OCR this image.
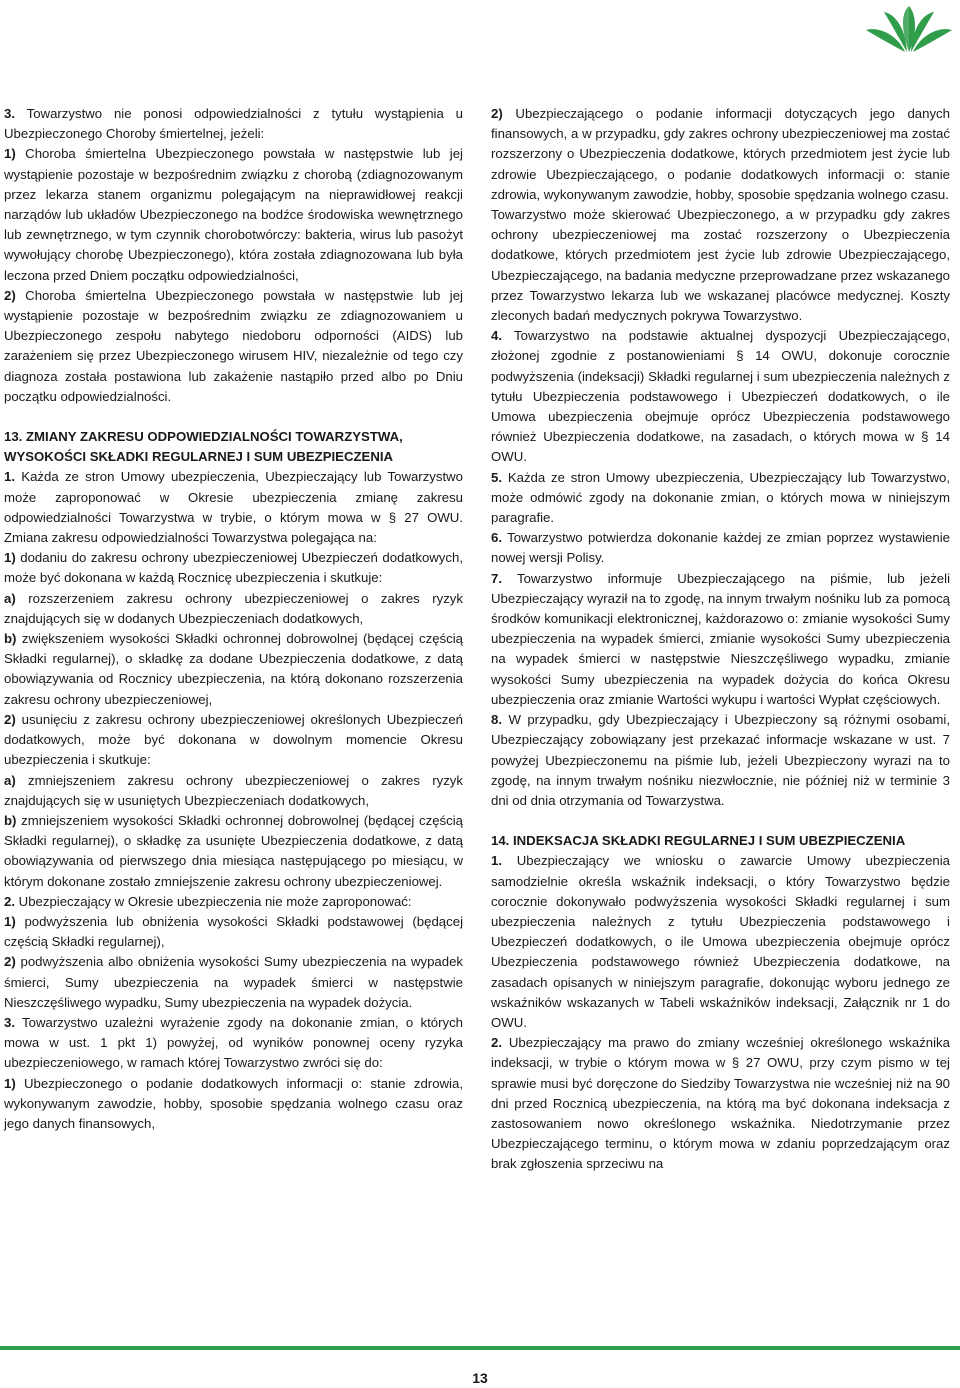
3. Towarzystwo nie ponosi odpowiedzialności z tytułu wystąpienia u Ubezpieczonego Choroby śmiertelnej, jeżeli:

1) Choroba śmiertelna Ubezpieczonego powstała w następstwie lub jej wystąpienie pozostaje w bezpośrednim związku z chorobą (zdiagnozowanym przez lekarza stanem organizmu polegającym na nieprawidłowej reakcji narządów lub układów Ubezpieczonego na bodźce środowiska wewnętrznego lub zewnętrznego, w tym czynnik chorobotwórczy: bakteria, wirus lub pasożyt wywołujący chorobę Ubezpieczonego), która została zdiagnozowana lub była leczona przed Dniem początku odpowiedzialności,

2) Choroba śmiertelna Ubezpieczonego powstała w następstwie lub jej wystąpienie pozostaje w bezpośrednim związku ze zdiagnozowaniem u Ubezpieczonego zespołu nabytego niedoboru odporności (AIDS) lub zarażeniem się przez Ubezpieczonego wirusem HIV, niezależnie od tego czy diagnoza została postawiona lub zakażenie nastąpiło przed albo po Dniu początku odpowiedzialności.

13. ZMIANY ZAKRESU ODPOWIEDZIALNOŚCI TOWARZYSTWA, WYSOKOŚCI SKŁADKI REGULARNEJ I SUM UBEZPIECZENIA

1. Każda ze stron Umowy ubezpieczenia, Ubezpieczający lub Towarzystwo może zaproponować w Okresie ubezpieczenia zmianę zakresu odpowiedzialności Towarzystwa w trybie, o którym mowa w § 27 OWU. Zmiana zakresu odpowiedzialności Towarzystwa polegająca na:

1) dodaniu do zakresu ochrony ubezpieczeniowej Ubezpieczeń dodatkowych, może być dokonana w każdą Rocznicę ubezpieczenia i skutkuje:

a) rozszerzeniem zakresu ochrony ubezpieczeniowej o zakres ryzyk znajdujących się w dodanych Ubezpieczeniach dodatkowych,

b) zwiększeniem wysokości Składki ochronnej dobrowolnej (będącej częścią Składki regularnej), o składkę za dodane Ubezpieczenia dodatkowe, z datą obowiązywania od Rocznicy ubezpieczenia, na którą dokonano rozszerzenia zakresu ochrony ubezpieczeniowej,

2) usunięciu z zakresu ochrony ubezpieczeniowej określonych Ubezpieczeń dodatkowych, może być dokonana w dowolnym momencie Okresu ubezpieczenia i skutkuje:

a) zmniejszeniem zakresu ochrony ubezpieczeniowej o zakres ryzyk znajdujących się w usuniętych Ubezpieczeniach dodatkowych,

b) zmniejszeniem wysokości Składki ochronnej dobrowolnej (będącej częścią Składki regularnej), o składkę za usunięte Ubezpieczenia dodatkowe, z datą obowiązywania od pierwszego dnia miesiąca następującego po miesiącu, w którym dokonane zostało zmniejszenie zakresu ochrony ubezpieczeniowej.

2. Ubezpieczający w Okresie ubezpieczenia nie może zaproponować:

1) podwyższenia lub obniżenia wysokości Składki podstawowej (będącej częścią Składki regularnej),

2) podwyższenia albo obniżenia wysokości Sumy ubezpieczenia na wypadek śmierci, Sumy ubezpieczenia na wypadek śmierci w następstwie Nieszczęśliwego wypadku, Sumy ubezpieczenia na wypadek dożycia.

3. Towarzystwo uzależni wyrażenie zgody na dokonanie zmian, o których mowa w ust. 1 pkt 1) powyżej, od wyników ponownej oceny ryzyka ubezpieczeniowego, w ramach której Towarzystwo zwróci się do:

1) Ubezpieczonego o podanie dodatkowych informacji o: stanie zdrowia, wykonywanym zawodzie, hobby, sposobie spędzania wolnego czasu oraz jego danych finansowych,

2) Ubezpieczającego o podanie informacji dotyczących jego danych finansowych, a w przypadku, gdy zakres ochrony ubezpieczeniowej ma zostać rozszerzony o Ubezpieczenia dodatkowe, których przedmiotem jest życie lub zdrowie Ubezpieczającego, o podanie dodatkowych informacji o: stanie zdrowia, wykonywanym zawodzie, hobby, sposobie spędzania wolnego czasu.

Towarzystwo może skierować Ubezpieczonego, a w przypadku gdy zakres ochrony ubezpieczeniowej ma zostać rozszerzony o Ubezpieczenia dodatkowe, których przedmiotem jest życie lub zdrowie Ubezpieczającego, Ubezpieczającego, na badania medyczne przeprowadzane przez wskazanego przez Towarzystwo lekarza lub we wskazanej placówce medycznej. Koszty zleconych badań medycznych pokrywa Towarzystwo.

4. Towarzystwo na podstawie aktualnej dyspozycji Ubezpieczającego, złożonej zgodnie z postanowieniami § 14 OWU, dokonuje corocznie podwyższenia (indeksacji) Składki regularnej i sum ubezpieczenia należnych z tytułu Ubezpieczenia podstawowego i Ubezpieczeń dodatkowych, o ile Umowa ubezpieczenia obejmuje oprócz Ubezpieczenia podstawowego również Ubezpieczenia dodatkowe, na zasadach, o których mowa w § 14 OWU.

5. Każda ze stron Umowy ubezpieczenia, Ubezpieczający lub Towarzystwo, może odmówić zgody na dokonanie zmian, o których mowa w niniejszym paragrafie.

6. Towarzystwo potwierdza dokonanie każdej ze zmian poprzez wystawienie nowej wersji Polisy.

7. Towarzystwo informuje Ubezpieczającego na piśmie, lub jeżeli Ubezpieczający wyraził na to zgodę, na innym trwałym nośniku lub za pomocą środków komunikacji elektronicznej, każdorazowo o: zmianie wysokości Sumy ubezpieczenia na wypadek śmierci, zmianie wysokości Sumy ubezpieczenia na wypadek śmierci w następstwie Nieszczęśliwego wypadku, zmianie wysokości Sumy ubezpieczenia na wypadek dożycia do końca Okresu ubezpieczenia oraz zmianie Wartości wykupu i wartości Wypłat częściowych.

8. W przypadku, gdy Ubezpieczający i Ubezpieczony są różnymi osobami, Ubezpieczający zobowiązany jest przekazać informacje wskazane w ust. 7 powyżej Ubezpieczonemu na piśmie lub, jeżeli Ubezpieczony wyrazi na to zgodę, na innym trwałym nośniku niezwłocznie, nie później niż w terminie 3 dni od dnia otrzymania od Towarzystwa.

14. INDEKSACJA SKŁADKI REGULARNEJ I SUM UBEZPIECZENIA

1. Ubezpieczający we wniosku o zawarcie Umowy ubezpieczenia samodzielnie określa wskaźnik indeksacji, o który Towarzystwo będzie corocznie dokonywało podwyższenia wysokości Składki regularnej i sum ubezpieczenia należnych z tytułu Ubezpieczenia podstawowego i Ubezpieczeń dodatkowych, o ile Umowa ubezpieczenia obejmuje oprócz Ubezpieczenia podstawowego również Ubezpieczenia dodatkowe, na zasadach opisanych w niniejszym paragrafie, dokonując wyboru jednego ze wskaźników wskazanych w Tabeli wskaźników indeksacji, Załącznik nr 1 do OWU.

2. Ubezpieczający ma prawo do zmiany wcześniej określonego wskaźnika indeksacji, w trybie o którym mowa w § 27 OWU, przy czym pismo w tej sprawie musi być doręczone do Siedziby Towarzystwa nie wcześniej niż na 90 dni przed Rocznicą ubezpieczenia, na którą ma być dokonana indeksacja z zastosowaniem nowo określonego wskaźnika. Niedotrzymanie przez Ubezpieczającego terminu, o którym mowa w zdaniu poprzedzającym oraz brak zgłoszenia sprzeciwu na

13
